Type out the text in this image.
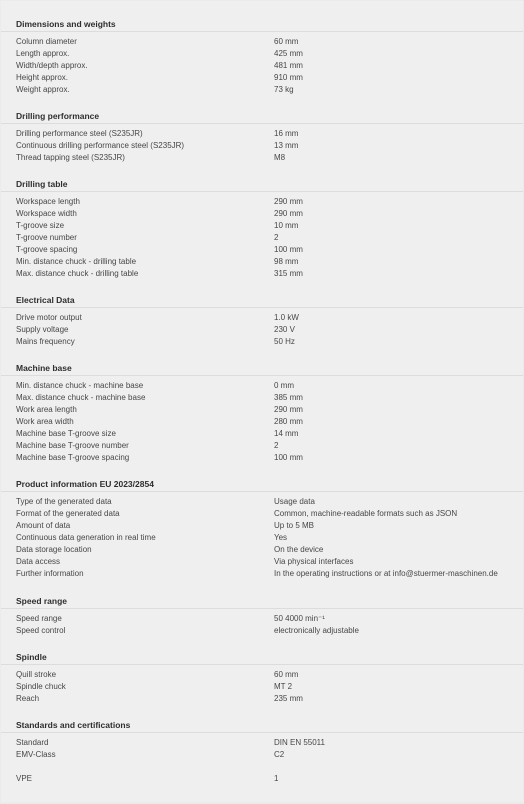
Dimensions and weights
Column diameter	60 mm
Length approx.	425 mm
Width/depth approx.	481 mm
Height approx.	910 mm
Weight approx.	73 kg
Drilling performance
Drilling performance steel (S235JR)	16 mm
Continuous drilling performance steel (S235JR)	13 mm
Thread tapping steel (S235JR)	M8
Drilling table
Workspace length	290 mm
Workspace width	290 mm
T-groove size	10 mm
T-groove number	2
T-groove spacing	100 mm
Min. distance chuck - drilling table	98 mm
Max. distance chuck - drilling table	315 mm
Electrical Data
Drive motor output	1.0 kW
Supply voltage	230 V
Mains frequency	50 Hz
Machine base
Min. distance chuck - machine base	0 mm
Max. distance chuck - machine base	385 mm
Work area length	290 mm
Work area width	280 mm
Machine base T-groove size	14 mm
Machine base T-groove number	2
Machine base T-groove spacing	100 mm
Product information EU 2023/2854
Type of the generated data	Usage data
Format of the generated data	Common, machine-readable formats such as JSON
Amount of data	Up to 5 MB
Continuous data generation in real time	Yes
Data storage location	On the device
Data access	Via physical interfaces
Further information	In the operating instructions or at info@stuermer-maschinen.de
Speed range
Speed range	50 4000 min⁻¹
Speed control	electronically adjustable
Spindle
Quill stroke	60 mm
Spindle chuck	MT 2
Reach	235 mm
Standards and certifications
Standard	DIN EN 55011
EMV-Class	C2
VPE	1
